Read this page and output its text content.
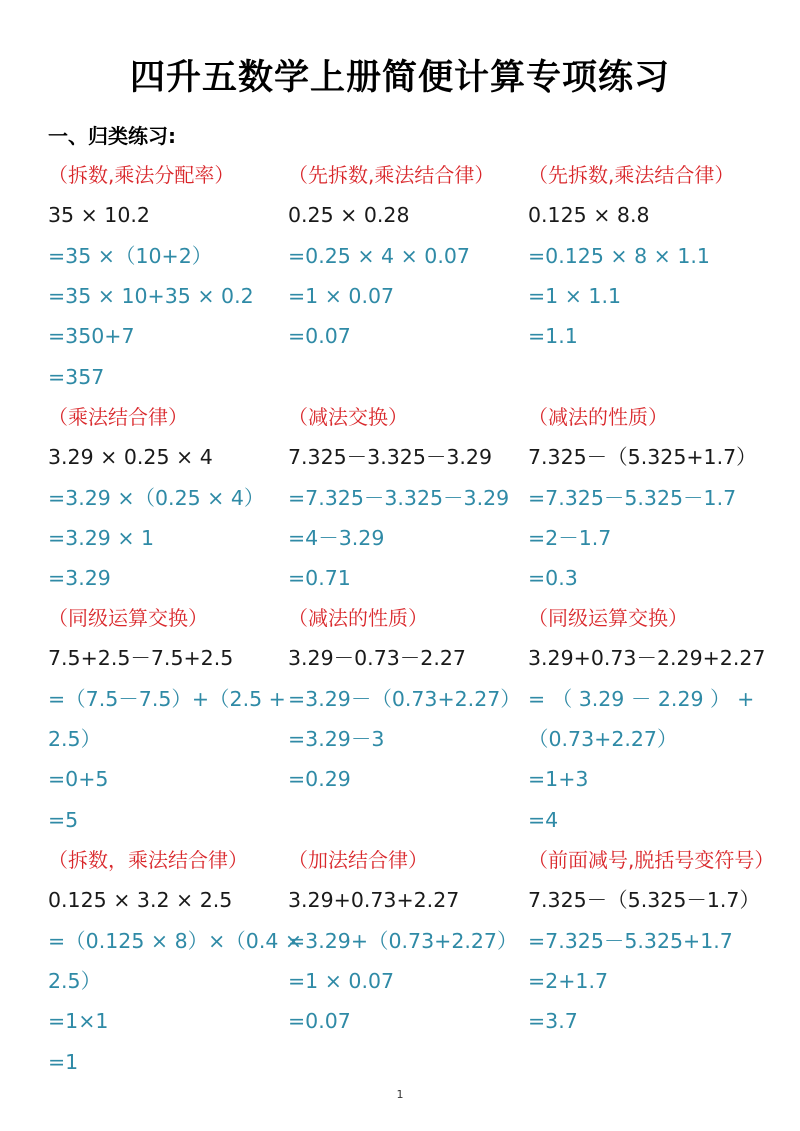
四升五数学上册简便计算专项练习
一、归类练习:
（拆数,乘法分配率）
35 × 10.2
=35 ×（10+2）
=35 × 10+35 × 0.2
=350+7
=357
（先拆数,乘法结合律）
0.25 × 0.28
=0.25 × 4 × 0.07
=1 × 0.07
=0.07
（先拆数,乘法结合律）
0.125 × 8.8
=0.125 × 8 × 1.1
=1 × 1.1
=1.1
（乘法结合律）
3.29 × 0.25 × 4
=3.29 ×（0.25 × 4）
=3.29 × 1
=3.29
（减法交换）
7.325－3.325－3.29
=7.325－3.325－3.29
=4－3.29
=0.71
（减法的性质）
7.325－（5.325+1.7）
=7.325－5.325－1.7
=2－1.7
=0.3
（同级运算交换）
7.5+2.5－7.5+2.5
=（7.5－7.5）+（2.5 +
2.5）
=0+5
=5
（减法的性质）
3.29－0.73－2.27
=3.29－（0.73+2.27）
=3.29－3
=0.29
（同级运算交换）
3.29+0.73－2.29+2.27
= （ 3.29 － 2.29 ） +
（0.73+2.27）
=1+3
=4
（拆数，乘法结合律）
0.125 × 3.2 × 2.5
=（0.125 × 8）×（0.4 ×
2.5）
=1×1
=1
（加法结合律）
3.29+0.73+2.27
=3.29+（0.73+2.27）
=1 × 0.07
=0.07
（前面减号,脱括号变符号）
7.325－（5.325－1.7）
=7.325－5.325+1.7
=2+1.7
=3.7
1
